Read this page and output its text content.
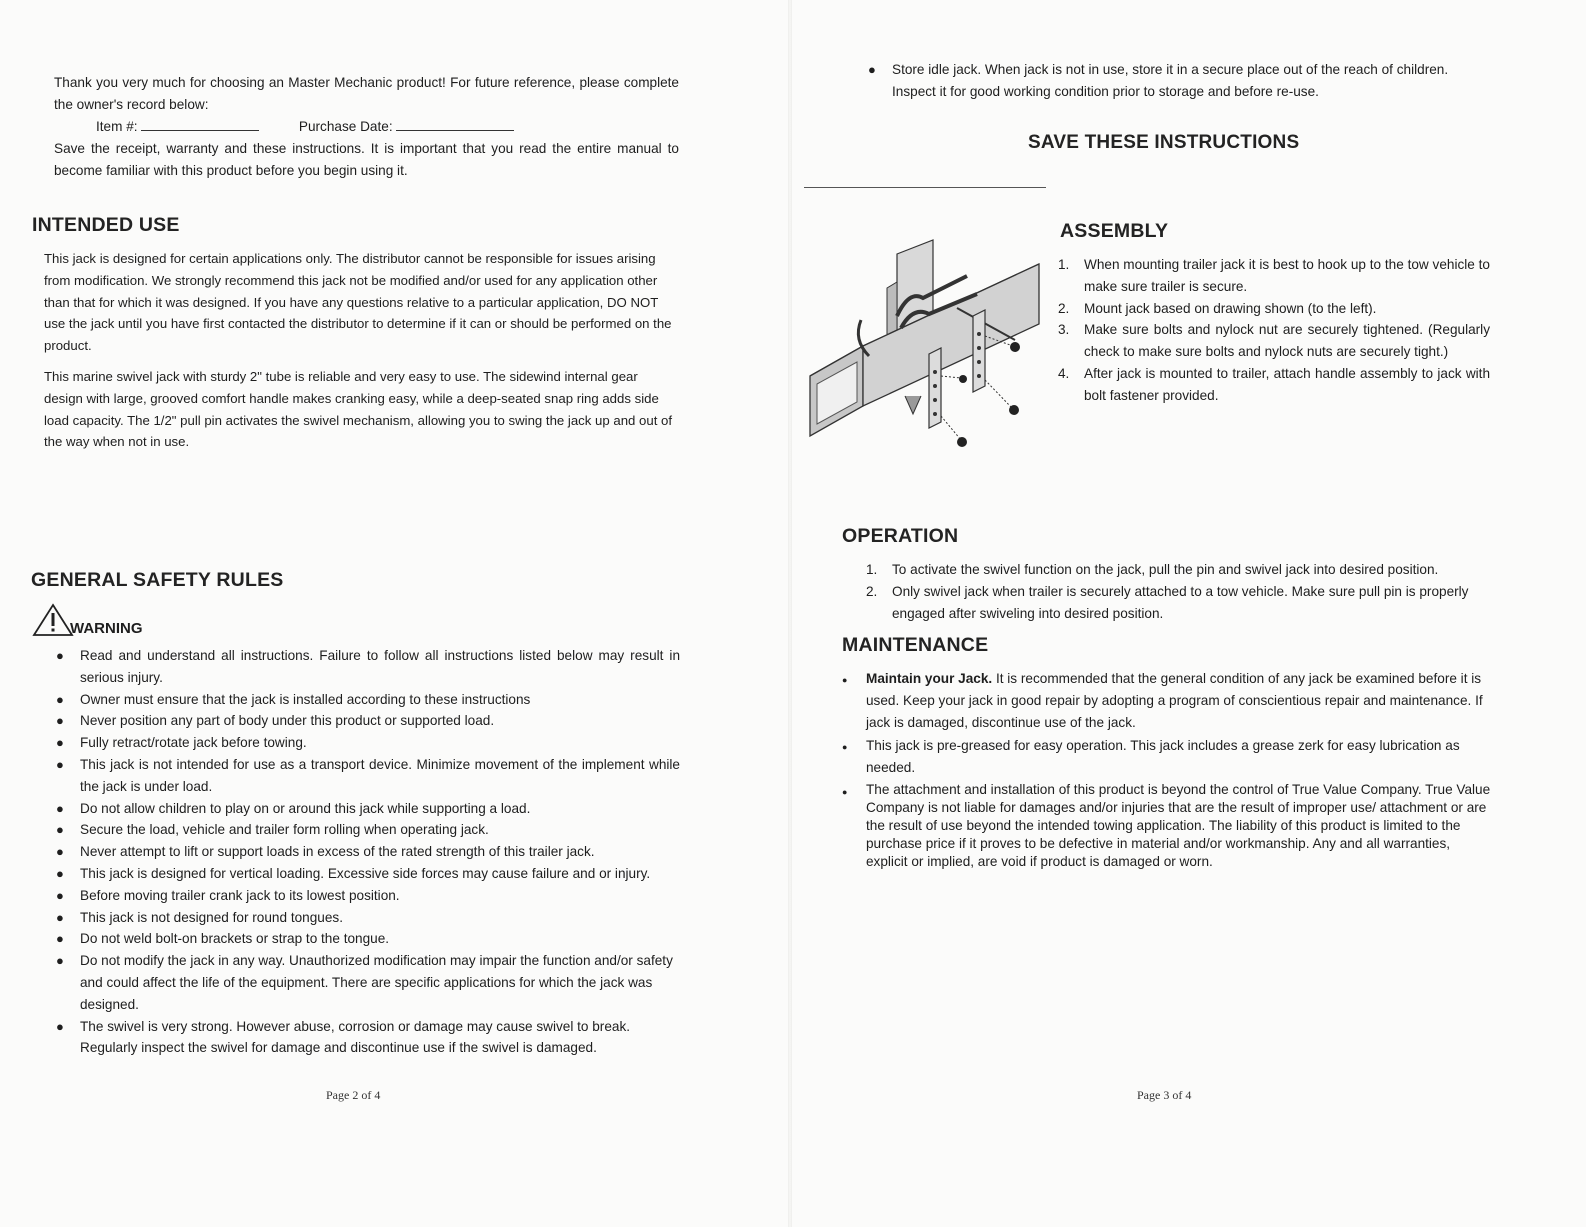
Thank you very much for choosing an Master Mechanic product! For future reference, please complete the owner's record below:
Item #:	Purchase Date:
Save the receipt, warranty and these instructions. It is important that you read the entire manual to become familiar with this product before you begin using it.
INTENDED USE
This jack is designed for certain applications only. The distributor cannot be responsible for issues arising from modification. We strongly recommend this jack not be modified and/or used for any application other than that for which it was designed. If you have any questions relative to a particular application, DO NOT use the jack until you have first contacted the distributor to determine if it can or should be performed on the product.
This marine swivel jack with sturdy 2" tube is reliable and very easy to use. The sidewind internal gear design with large, grooved comfort handle makes cranking easy, while a deep-seated snap ring adds side load capacity. The 1/2" pull pin activates the swivel mechanism, allowing you to swing the jack up and out of the way when not in use.
GENERAL SAFETY RULES
WARNING
● Read and understand all instructions. Failure to follow all instructions listed below may result in serious injury.
● Owner must ensure that the jack is installed according to these instructions
● Never position any part of body under this product or supported load.
● Fully retract/rotate jack before towing.
● This jack is not intended for use as a transport device. Minimize movement of the implement while the jack is under load.
● Do not allow children to play on or around this jack while supporting a load.
● Secure the load, vehicle and trailer form rolling when operating jack.
● Never attempt to lift or support loads in excess of the rated strength of this trailer jack.
● This jack is designed for vertical loading. Excessive side forces may cause failure and or injury.
● Before moving trailer crank jack to its lowest position.
● This jack is not designed for round tongues.
● Do not weld bolt-on brackets or strap to the tongue.
● Do not modify the jack in any way. Unauthorized modification may impair the function and/or safety and could affect the life of the equipment. There are specific applications for which the jack was designed.
● The swivel is very strong. However abuse, corrosion or damage may cause swivel to break. Regularly inspect the swivel for damage and discontinue use if the swivel is damaged.
Page 2 of 4
● Store idle jack. When jack is not in use, store it in a secure place out of the reach of children. Inspect it for good working condition prior to storage and before re-use.
SAVE THESE INSTRUCTIONS
ASSEMBLY
1. When mounting trailer jack it is best to hook up to the tow vehicle to make sure trailer is secure.
2. Mount jack based on drawing shown (to the left).
3. Make sure bolts and nylock nut are securely tightened. (Regularly check to make sure bolts and nylock nuts are securely tight.)
4. After jack is mounted to trailer, attach handle assembly to jack with bolt fastener provided.
OPERATION
1. To activate the swivel function on the jack, pull the pin and swivel jack into desired position.
2. Only swivel jack when trailer is securely attached to a tow vehicle. Make sure pull pin is properly engaged after swiveling into desired position.
MAINTENANCE
● Maintain your Jack. It is recommended that the general condition of any jack be examined before it is used. Keep your jack in good repair by adopting a program of conscientious repair and maintenance. If jack is damaged, discontinue use of the jack.
● This jack is pre-greased for easy operation. This jack includes a grease zerk for easy lubrication as needed.
● The attachment and installation of this product is beyond the control of True Value Company. True Value Company is not liable for damages and/or injuries that are the result of improper use/ attachment or are the result of use beyond the intended towing application. The liability of this product is limited to the purchase price if it proves to be defective in material and/or workmanship. Any and all warranties, explicit or implied, are void if product is damaged or worn.
Page 3 of 4
